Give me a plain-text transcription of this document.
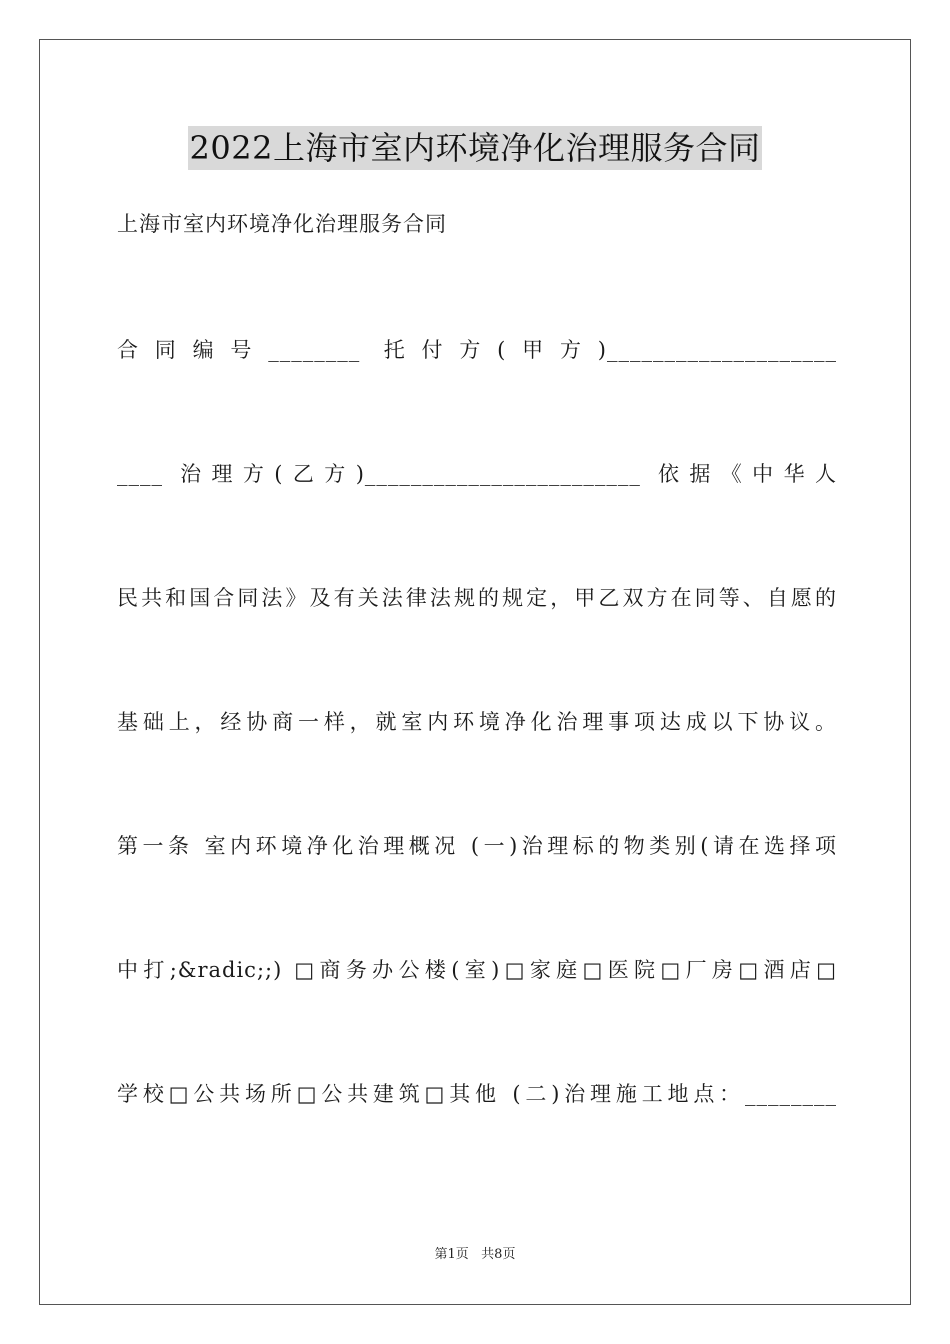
2022上海市室内环境净化治理服务合同
上海市室内环境净化治理服务合同
合同编号________ 托付方(甲方)____________________
____ 治理方(乙方)________________________ 依据《中华人
民共和国合同法》及有关法律法规的规定，甲乙双方在同等、自愿的
基础上，经协商一样，就室内环境净化治理事项达成以下协议。
第一条 室内环境净化治理概况 (一)治理标的物类别(请在选择项
中打;&radic;;) □商务办公楼(室)□家庭□医院□厂房□酒店□
学校□公共场所□公共建筑□其他 (二)治理施工地点：________
第1页   共8页
